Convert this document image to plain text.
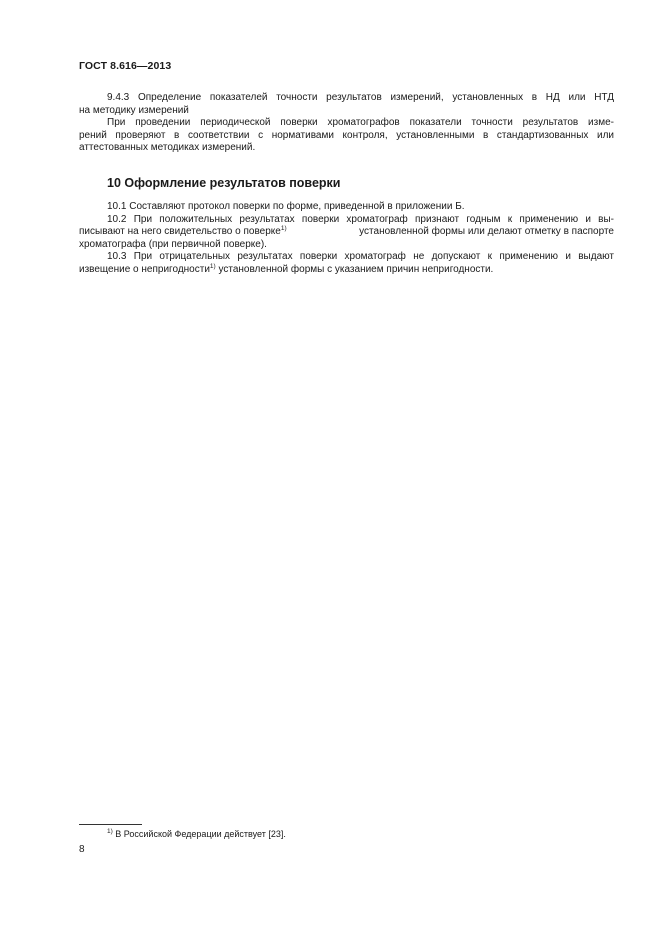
ГОСТ 8.616—2013
9.4.3 Определение показателей точности результатов измерений, установленных в НД или НТД
на методику измерений
При проведении периодической поверки хроматографов показатели точности результатов изме-
рений проверяют в соответствии с нормативами контроля, установленными в стандартизованных или
аттестованных методиках измерений.
10 Оформление результатов поверки
10.1 Составляют протокол поверки по форме, приведенной в приложении Б.
10.2 При положительных результатах поверки хроматограф признают годным к применению и вы-
писывают на него свидетельство о поверке$^{1)}$	установленной формы или делают отметку в паспорте
хроматографа (при первичной поверке).
10.3 При отрицательных результатах поверки хроматограф не допускают к применению и выдают
извещение о непригодности$^{1)}$ установленной формы с указанием причин непригодности.
$^{1)}$ В Российской Федерации действует [23].
8
